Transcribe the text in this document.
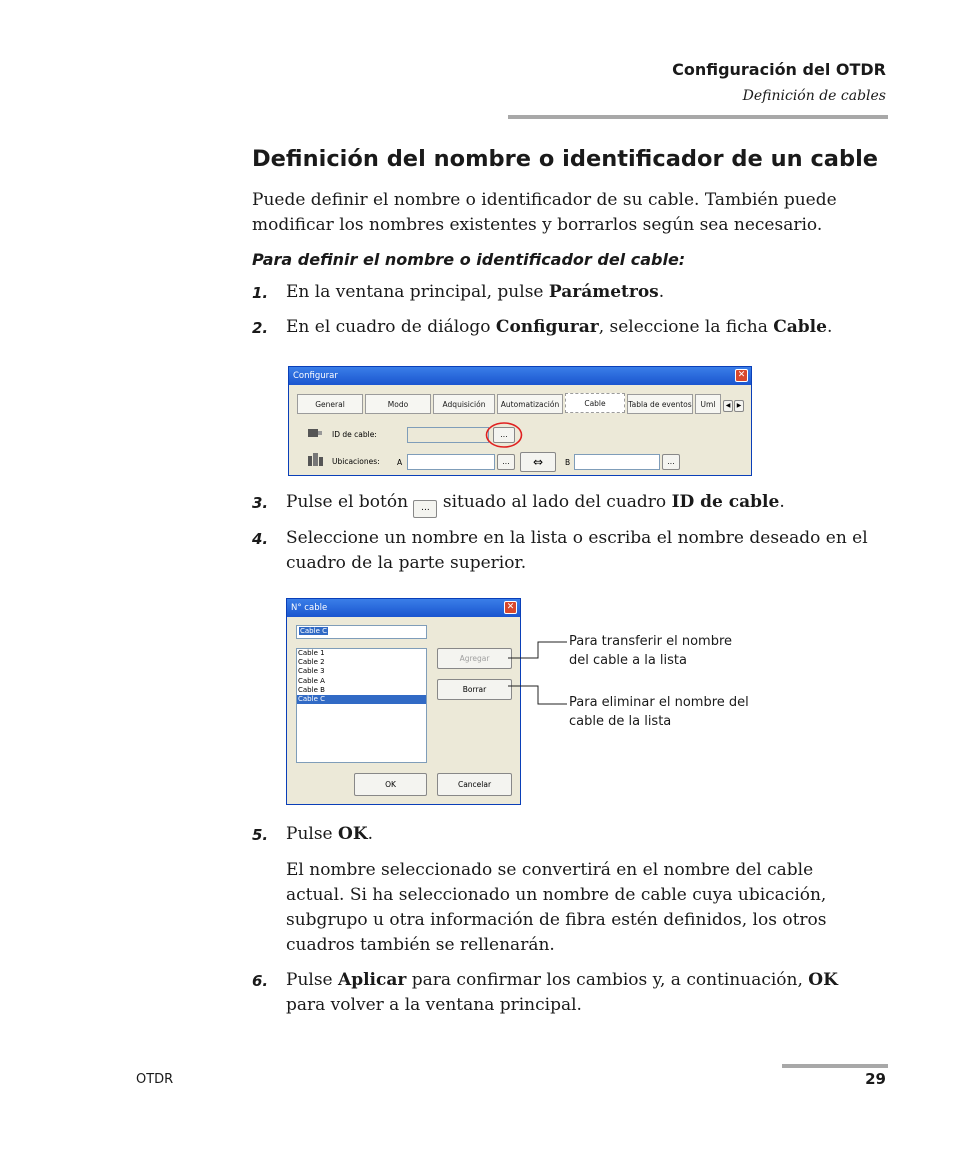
Configuración del OTDR
Definición de cables
Definición del nombre o identificador de un cable
Puede definir el nombre o identificador de su cable. También puede modificar los nombres existentes y borrarlos según sea necesario.
Para definir el nombre o identificador del cable:
1. En la ventana principal, pulse Parámetros.
2. En el cuadro de diálogo Configurar, seleccione la ficha Cable.
Configurar	✕
General	Modo	Adquisición	Automatización	Cable	Tabla de eventos	Uml	◀	▶
ID de cable:	...
Ubicaciones: A	...	⇔	B	...
3. Pulse el botón ... situado al lado del cuadro ID de cable.
4. Seleccione un nombre en la lista o escriba el nombre deseado en el cuadro de la parte superior.
N° cable	✕
Cable C
Cable 1
Cable 2
Cable 3
Cable A
Cable B
Cable C
Agregar
Borrar
OK	Cancelar
Para transferir el nombre
del cable a la lista
Para eliminar el nombre del
cable de la lista
5. Pulse OK.
El nombre seleccionado se convertirá en el nombre del cable actual. Si ha seleccionado un nombre de cable cuya ubicación, subgrupo u otra información de fibra estén definidos, los otros cuadros también se rellenarán.
6. Pulse Aplicar para confirmar los cambios y, a continuación, OK para volver a la ventana principal.
OTDR	29
